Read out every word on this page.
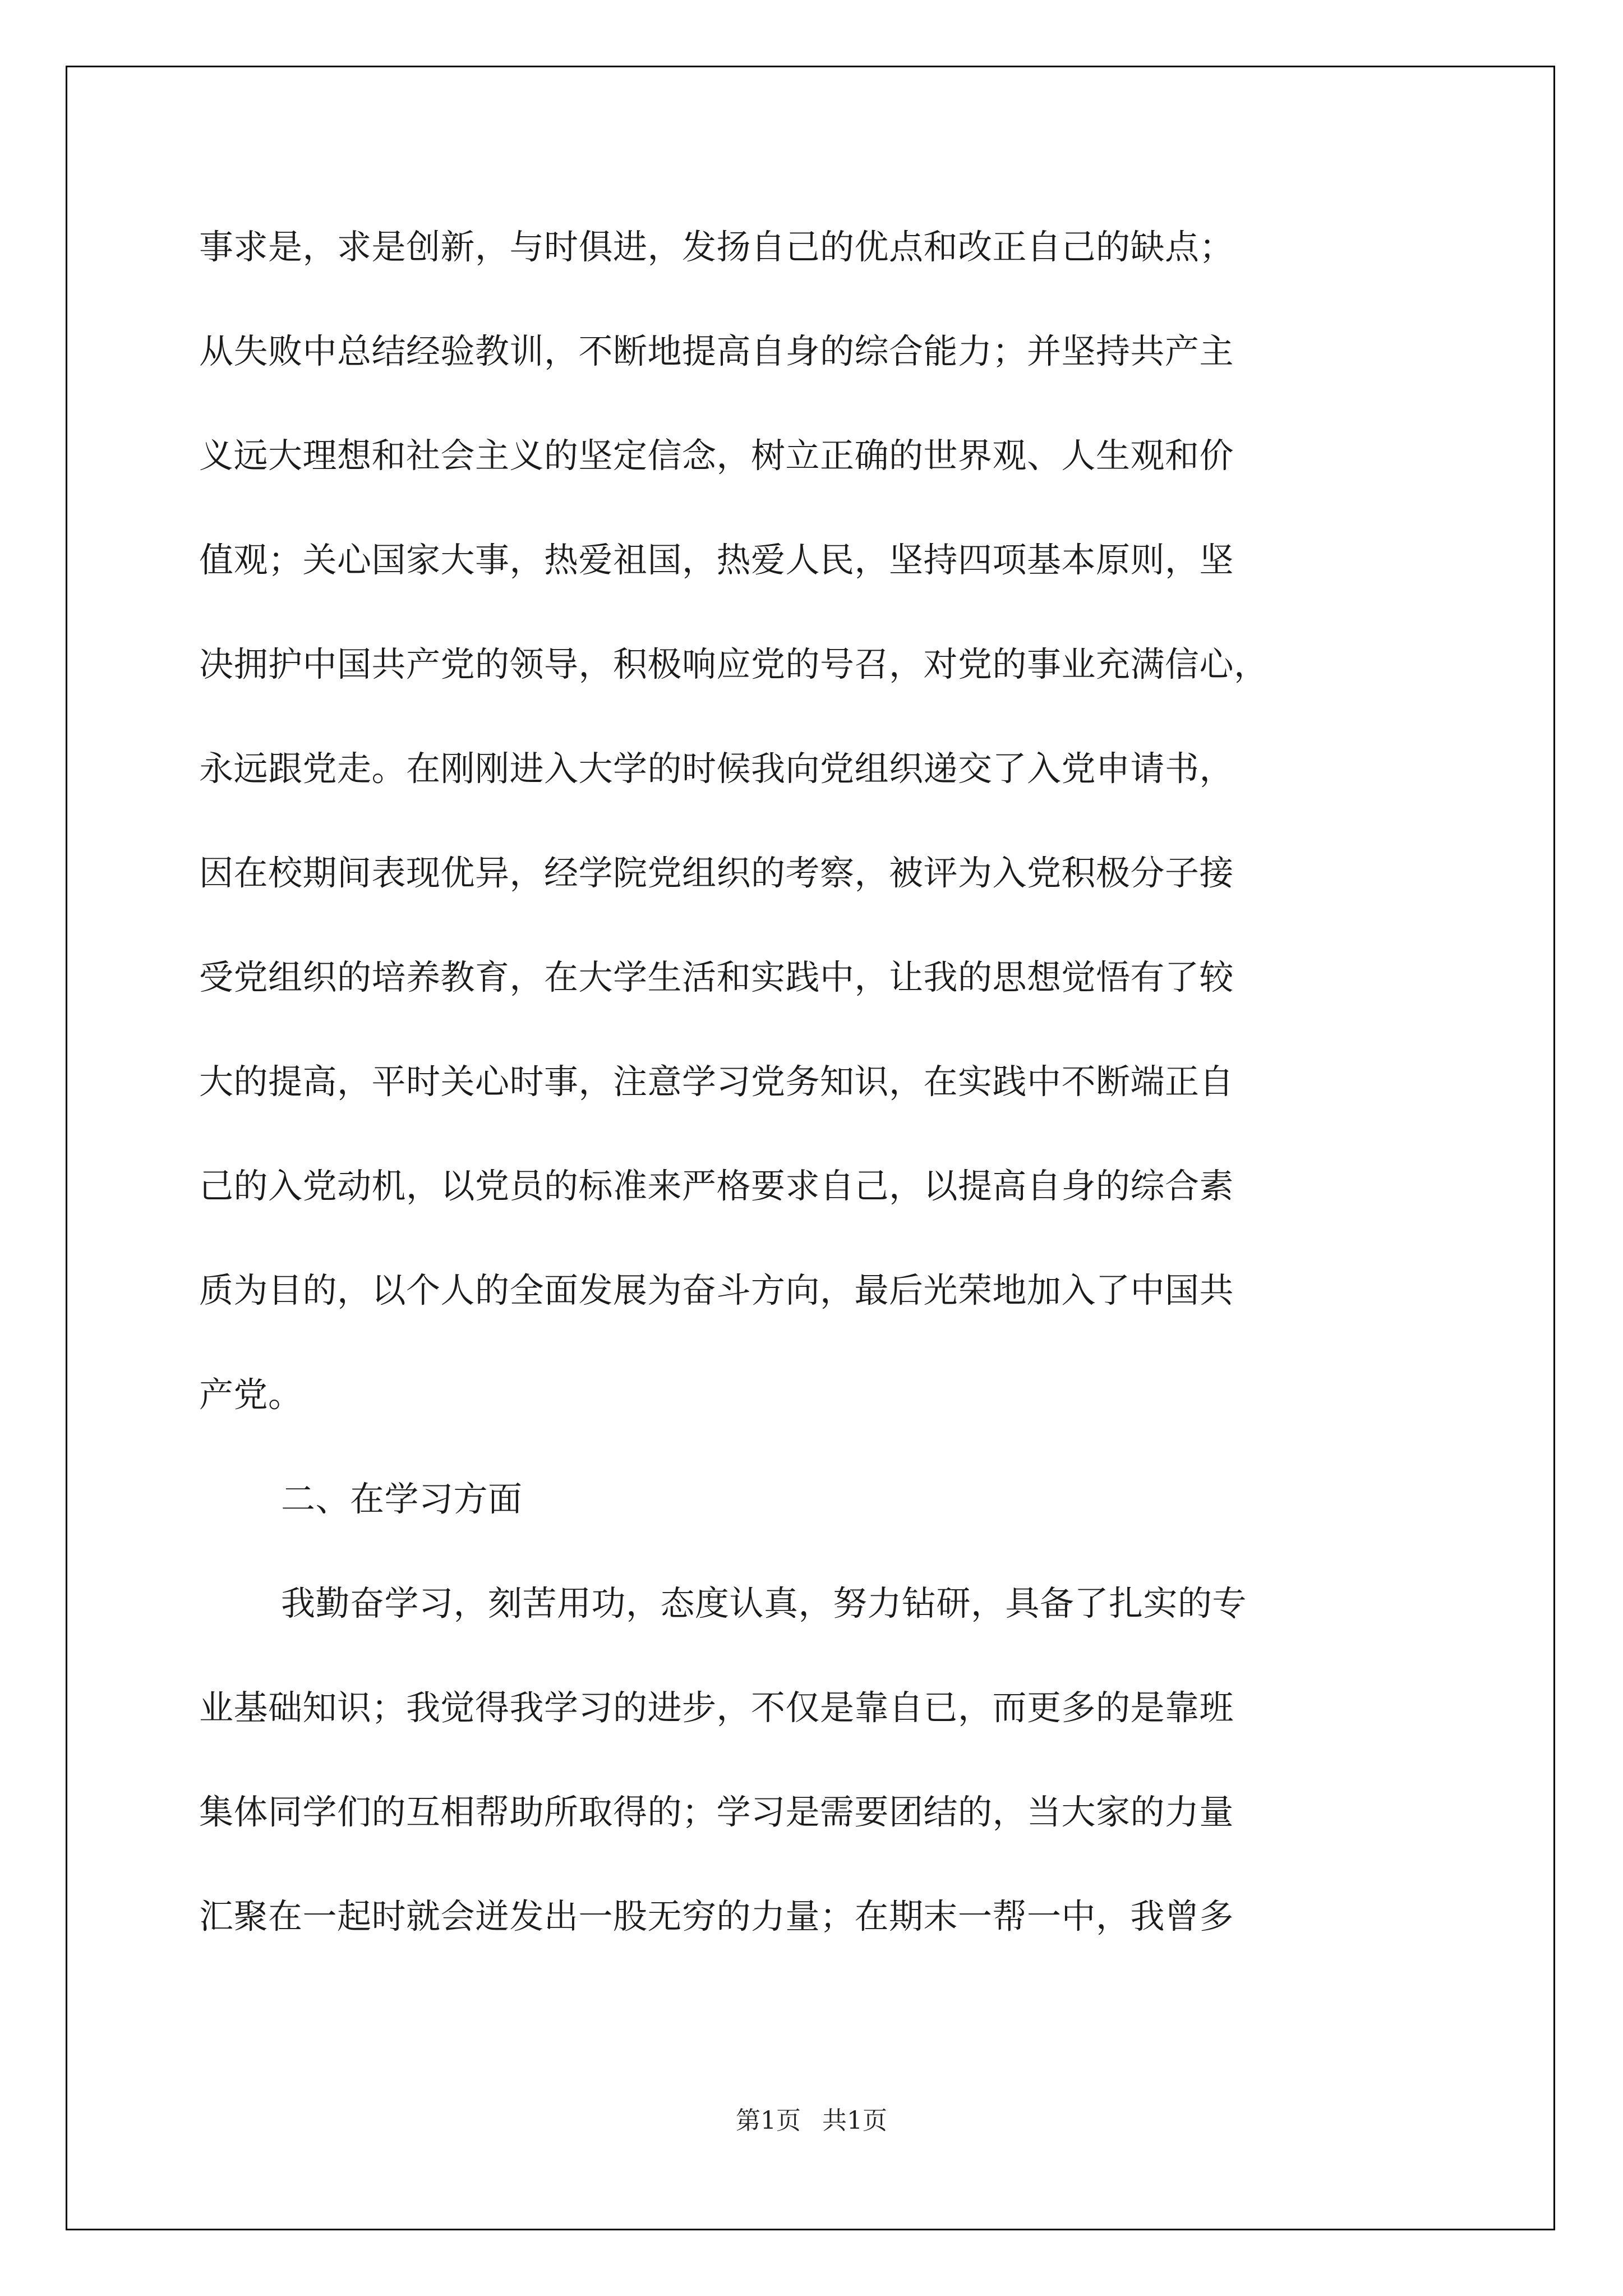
事求是，求是创新，与时俱进，发扬自己的优点和改正自己的缺点；
从失败中总结经验教训，不断地提高自身的综合能力；并坚持共产主
义远大理想和社会主义的坚定信念，树立正确的世界观、人生观和价
值观；关心国家大事，热爱祖国，热爱人民，坚持四项基本原则，坚
决拥护中国共产党的领导，积极响应党的号召，对党的事业充满信心，
永远跟党走。在刚刚进入大学的时候我向党组织递交了入党申请书，
因在校期间表现优异，经学院党组织的考察，被评为入党积极分子接
受党组织的培养教育，在大学生活和实践中，让我的思想觉悟有了较
大的提高，平时关心时事，注意学习党务知识，在实践中不断端正自
己的入党动机，以党员的标准来严格要求自己，以提高自身的综合素
质为目的，以个人的全面发展为奋斗方向，最后光荣地加入了中国共
产党。
二、在学习方面
我勤奋学习，刻苦用功，态度认真，努力钻研，具备了扎实的专
业基础知识；我觉得我学习的进步，不仅是靠自已，而更多的是靠班
集体同学们的互相帮助所取得的；学习是需要团结的，当大家的力量
汇聚在一起时就会迸发出一股无穷的力量；在期末一帮一中，我曾多
第1页 共1页
